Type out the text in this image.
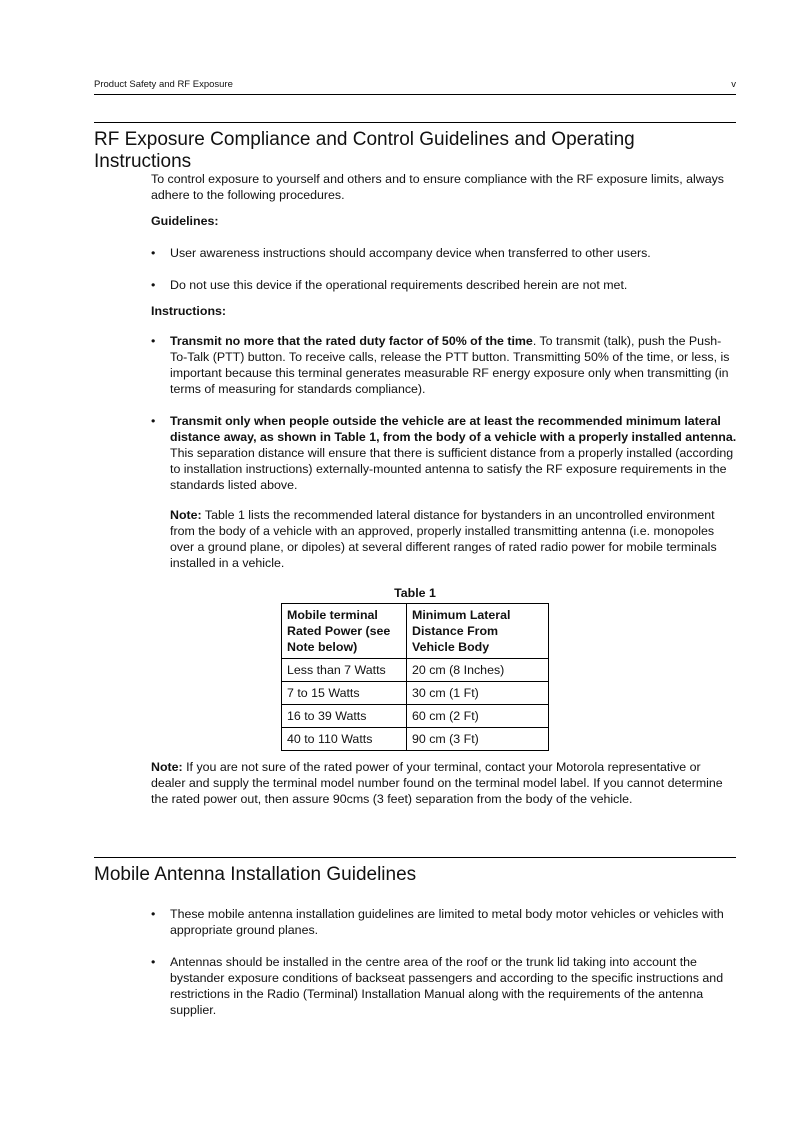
Product Safety and RF Exposure	v
RF Exposure Compliance and Control Guidelines and Operating Instructions

To control exposure to yourself and others and to ensure compliance with the RF exposure limits, always adhere to the following procedures.

Guidelines:

• User awareness instructions should accompany device when transferred to other users.
• Do not use this device if the operational requirements described herein are not met.

Instructions:

• Transmit no more that the rated duty factor of 50% of the time. To transmit (talk), push the Push-To-Talk (PTT) button. To receive calls, release the PTT button. Transmitting 50% of the time, or less, is important because this terminal generates measurable RF energy exposure only when transmitting (in terms of measuring for standards compliance).
• Transmit only when people outside the vehicle are at least the recommended minimum lateral distance away, as shown in Table 1, from the body of a vehicle with a properly installed antenna. This separation distance will ensure that there is sufficient distance from a properly installed (according to installation instructions) externally-mounted antenna to satisfy the RF exposure requirements in the standards listed above.

Note: Table 1 lists the recommended lateral distance for bystanders in an uncontrolled environment from the body of a vehicle with an approved, properly installed transmitting antenna (i.e. monopoles over a ground plane, or dipoles) at several different ranges of rated radio power for mobile terminals installed in a vehicle.

Table 1
Mobile terminal Rated Power (see Note below)	Minimum Lateral Distance From Vehicle Body
Less than 7 Watts	20 cm (8 Inches)
7 to 15 Watts	30 cm (1 Ft)
16 to 39 Watts	60 cm (2 Ft)
40 to 110 Watts	90 cm (3 Ft)

Note: If you are not sure of the rated power of your terminal, contact your Motorola representative or dealer and supply the terminal model number found on the terminal model label. If you cannot determine the rated power out, then assure 90cms (3 feet) separation from the body of the vehicle.

Mobile Antenna Installation Guidelines
• These mobile antenna installation guidelines are limited to metal body motor vehicles or vehicles with appropriate ground planes.
• Antennas should be installed in the centre area of the roof or the trunk lid taking into account the bystander exposure conditions of backseat passengers and according to the specific instructions and restrictions in the Radio (Terminal) Installation Manual along with the requirements of the antenna supplier.
